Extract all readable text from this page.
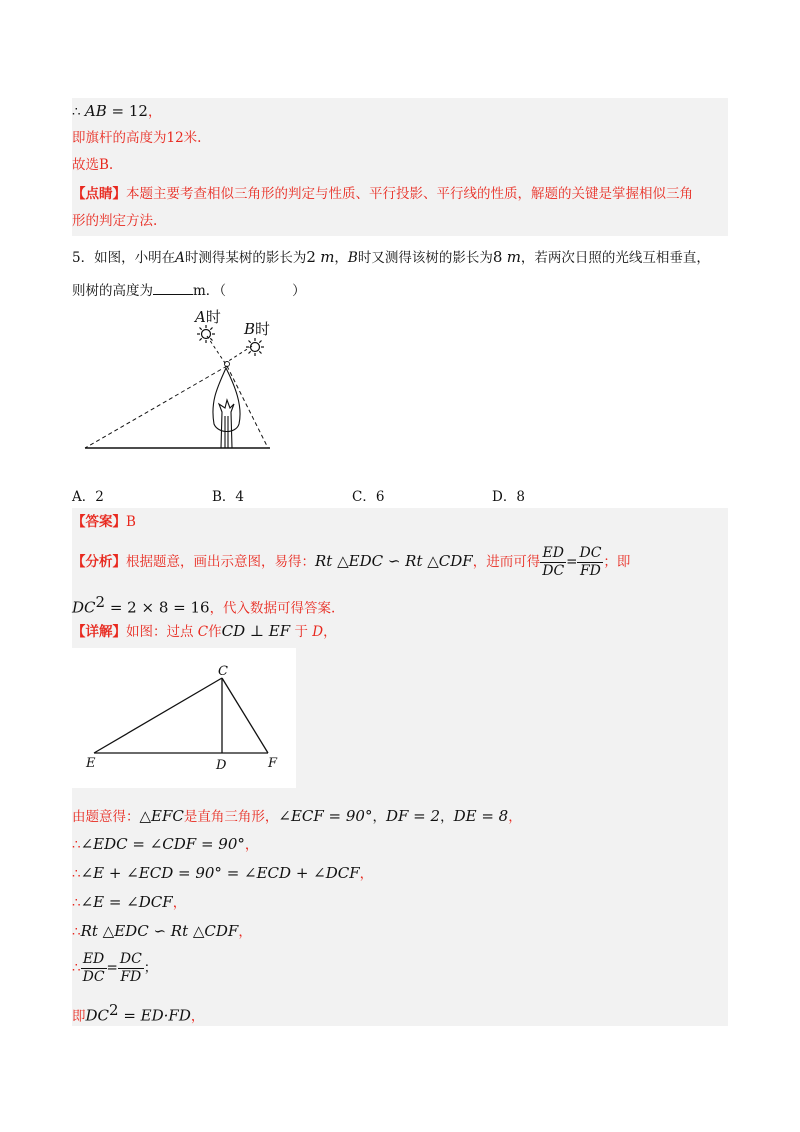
∴ AB = 12，
即旗杆的高度为12米.
故选B.
【点睛】本题主要考查相似三角形的判定与性质、平行投影、平行线的性质，解题的关键是掌握相似三角
形的判定方法.
5．如图，小明在A时测得某树的影长为2 m，B时又测得该树的影长为8 m，若两次日照的光线互相垂直，
则树的高度为	m．（	）
A时
B时
A．2	B．4	C．6	D．8
【答案】B
【分析】根据题意，画出示意图，易得：Rt △EDC ∽ Rt △CDF，进而可得 $\frac{ED}{DC} = \frac{DC}{FD}$ ；即
$DC^2 = 2 \times 8 = 16$，代入数据可得答案.
【详解】如图：过点 C作CD ⊥ EF 于 D，
C
E	D	F
由题意得：△EFC是直角三角形，∠ECF = 90°，DF = 2，DE = 8，
∴∠EDC = ∠CDF = 90°，
∴∠E + ∠ECD = 90° = ∠ECD + ∠DCF，
∴∠E = ∠DCF，
∴Rt △EDC ∽ Rt △CDF，
∴ $\frac{ED}{DC} = \frac{DC}{FD}$ ；
即$DC^2 = ED\cdot FD$，
